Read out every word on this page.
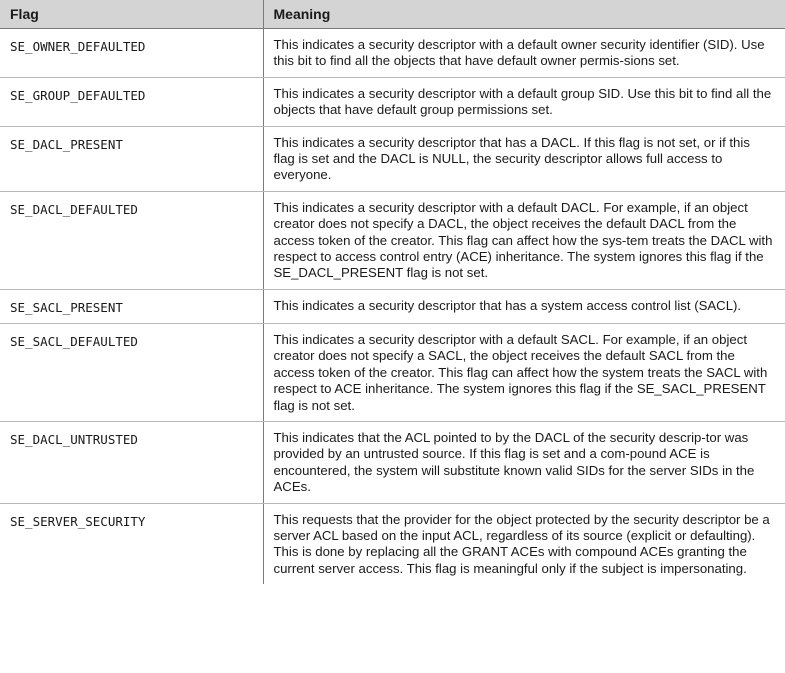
Flag	Meaning
SE_OWNER_DEFAULTED	This indicates a security descriptor with a default owner security identifier (SID). Use this bit to find all the objects that have default owner permis-sions set.
SE_GROUP_DEFAULTED	This indicates a security descriptor with a default group SID. Use this bit to find all the objects that have default group permissions set.
SE_DACL_PRESENT	This indicates a security descriptor that has a DACL. If this flag is not set, or if this flag is set and the DACL is NULL, the security descriptor allows full access to everyone.
SE_DACL_DEFAULTED	This indicates a security descriptor with a default DACL. For example, if an object creator does not specify a DACL, the object receives the default DACL from the access token of the creator. This flag can affect how the sys-tem treats the DACL with respect to access control entry (ACE) inheritance. The system ignores this flag if the SE_DACL_PRESENT flag is not set.
SE_SACL_PRESENT	This indicates a security descriptor that has a system access control list (SACL).
SE_SACL_DEFAULTED	This indicates a security descriptor with a default SACL. For example, if an object creator does not specify a SACL, the object receives the default SACL from the access token of the creator. This flag can affect how the system treats the SACL with respect to ACE inheritance. The system ignores this flag if the SE_SACL_PRESENT flag is not set.
SE_DACL_UNTRUSTED	This indicates that the ACL pointed to by the DACL of the security descrip-tor was provided by an untrusted source. If this flag is set and a com-pound ACE is encountered, the system will substitute known valid SIDs for the server SIDs in the ACEs.
SE_SERVER_SECURITY	This requests that the provider for the object protected by the security descriptor be a server ACL based on the input ACL, regardless of its source (explicit or defaulting). This is done by replacing all the GRANT ACEs with compound ACEs granting the current server access. This flag is meaningful only if the subject is impersonating.
